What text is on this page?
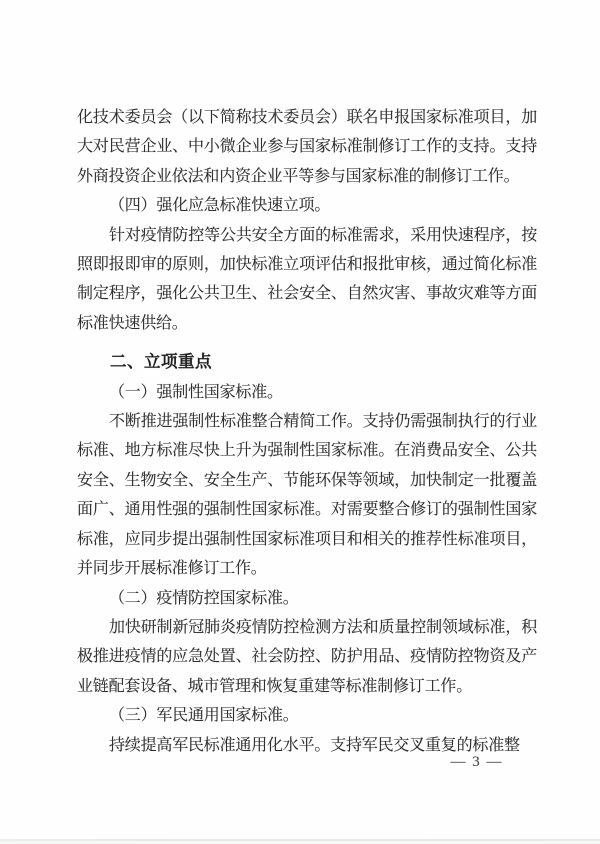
化技术委员会（以下简称技术委员会）联名申报国家标准项目，加大对民营企业、中小微企业参与国家标准制修订工作的支持。支持外商投资企业依法和内资企业平等参与国家标准的制修订工作。

（四）强化应急标准快速立项。

针对疫情防控等公共安全方面的标准需求，采用快速程序，按照即报即审的原则，加快标准立项评估和报批审核，通过简化标准制定程序，强化公共卫生、社会安全、自然灾害、事故灾难等方面标准快速供给。

二、立项重点

（一）强制性国家标准。

不断推进强制性标准整合精简工作。支持仍需强制执行的行业标准、地方标准尽快上升为强制性国家标准。在消费品安全、公共安全、生物安全、安全生产、节能环保等领域，加快制定一批覆盖面广、通用性强的强制性国家标准。对需要整合修订的强制性国家标准，应同步提出强制性国家标准项目和相关的推荐性标准项目，并同步开展标准修订工作。

（二）疫情防控国家标准。

加快研制新冠肺炎疫情防控检测方法和质量控制领域标准，积极推进疫情的应急处置、社会防控、防护用品、疫情防控物资及产业链配套设备、城市管理和恢复重建等标准制修订工作。

（三）军民通用国家标准。

持续提高军民标准通用化水平。支持军民交叉重复的标准整

— 3 —
